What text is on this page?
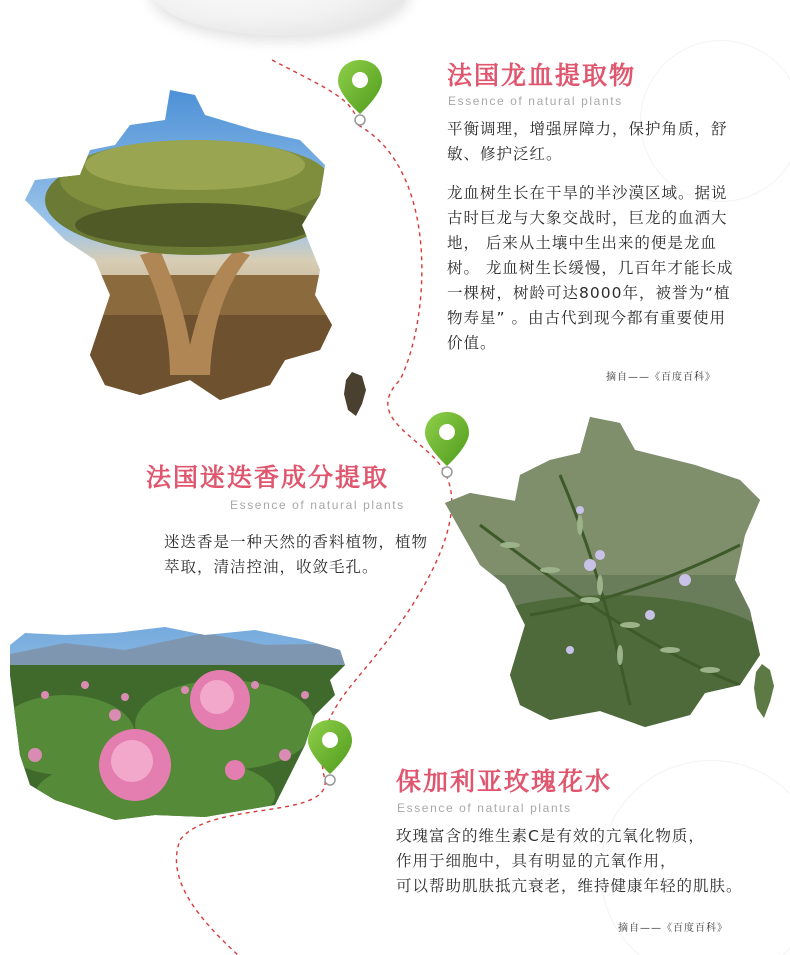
法国龙血提取物
Essence of natural plants

平衡调理，增强屏障力，保护角质，舒敏、修护泛红。

龙血树生长在干旱的半沙漠区域。据说古时巨龙与大象交战时，巨龙的血洒大地， 后来从土壤中生出来的便是龙血树。 龙血树生长缓慢，几百年才能长成一棵树，树龄可达8000年，被誉为“植物寿星” 。由古代到现今都有重要使用价值。

摘自——《百度百科》
法国迷迭香成分提取
Essence of natural plants

迷迭香是一种天然的香料植物，植物萃取，清洁控油，收敛毛孔。

保加利亚玫瑰花水
Essence of natural plants

玫瑰富含的维生素C是有效的亢氧化物质，

作用于细胞中，具有明显的亢氧作用，

可以帮助肌肤抵亢衰老，维持健康年轻的肌肤。

摘自——《百度百科》
